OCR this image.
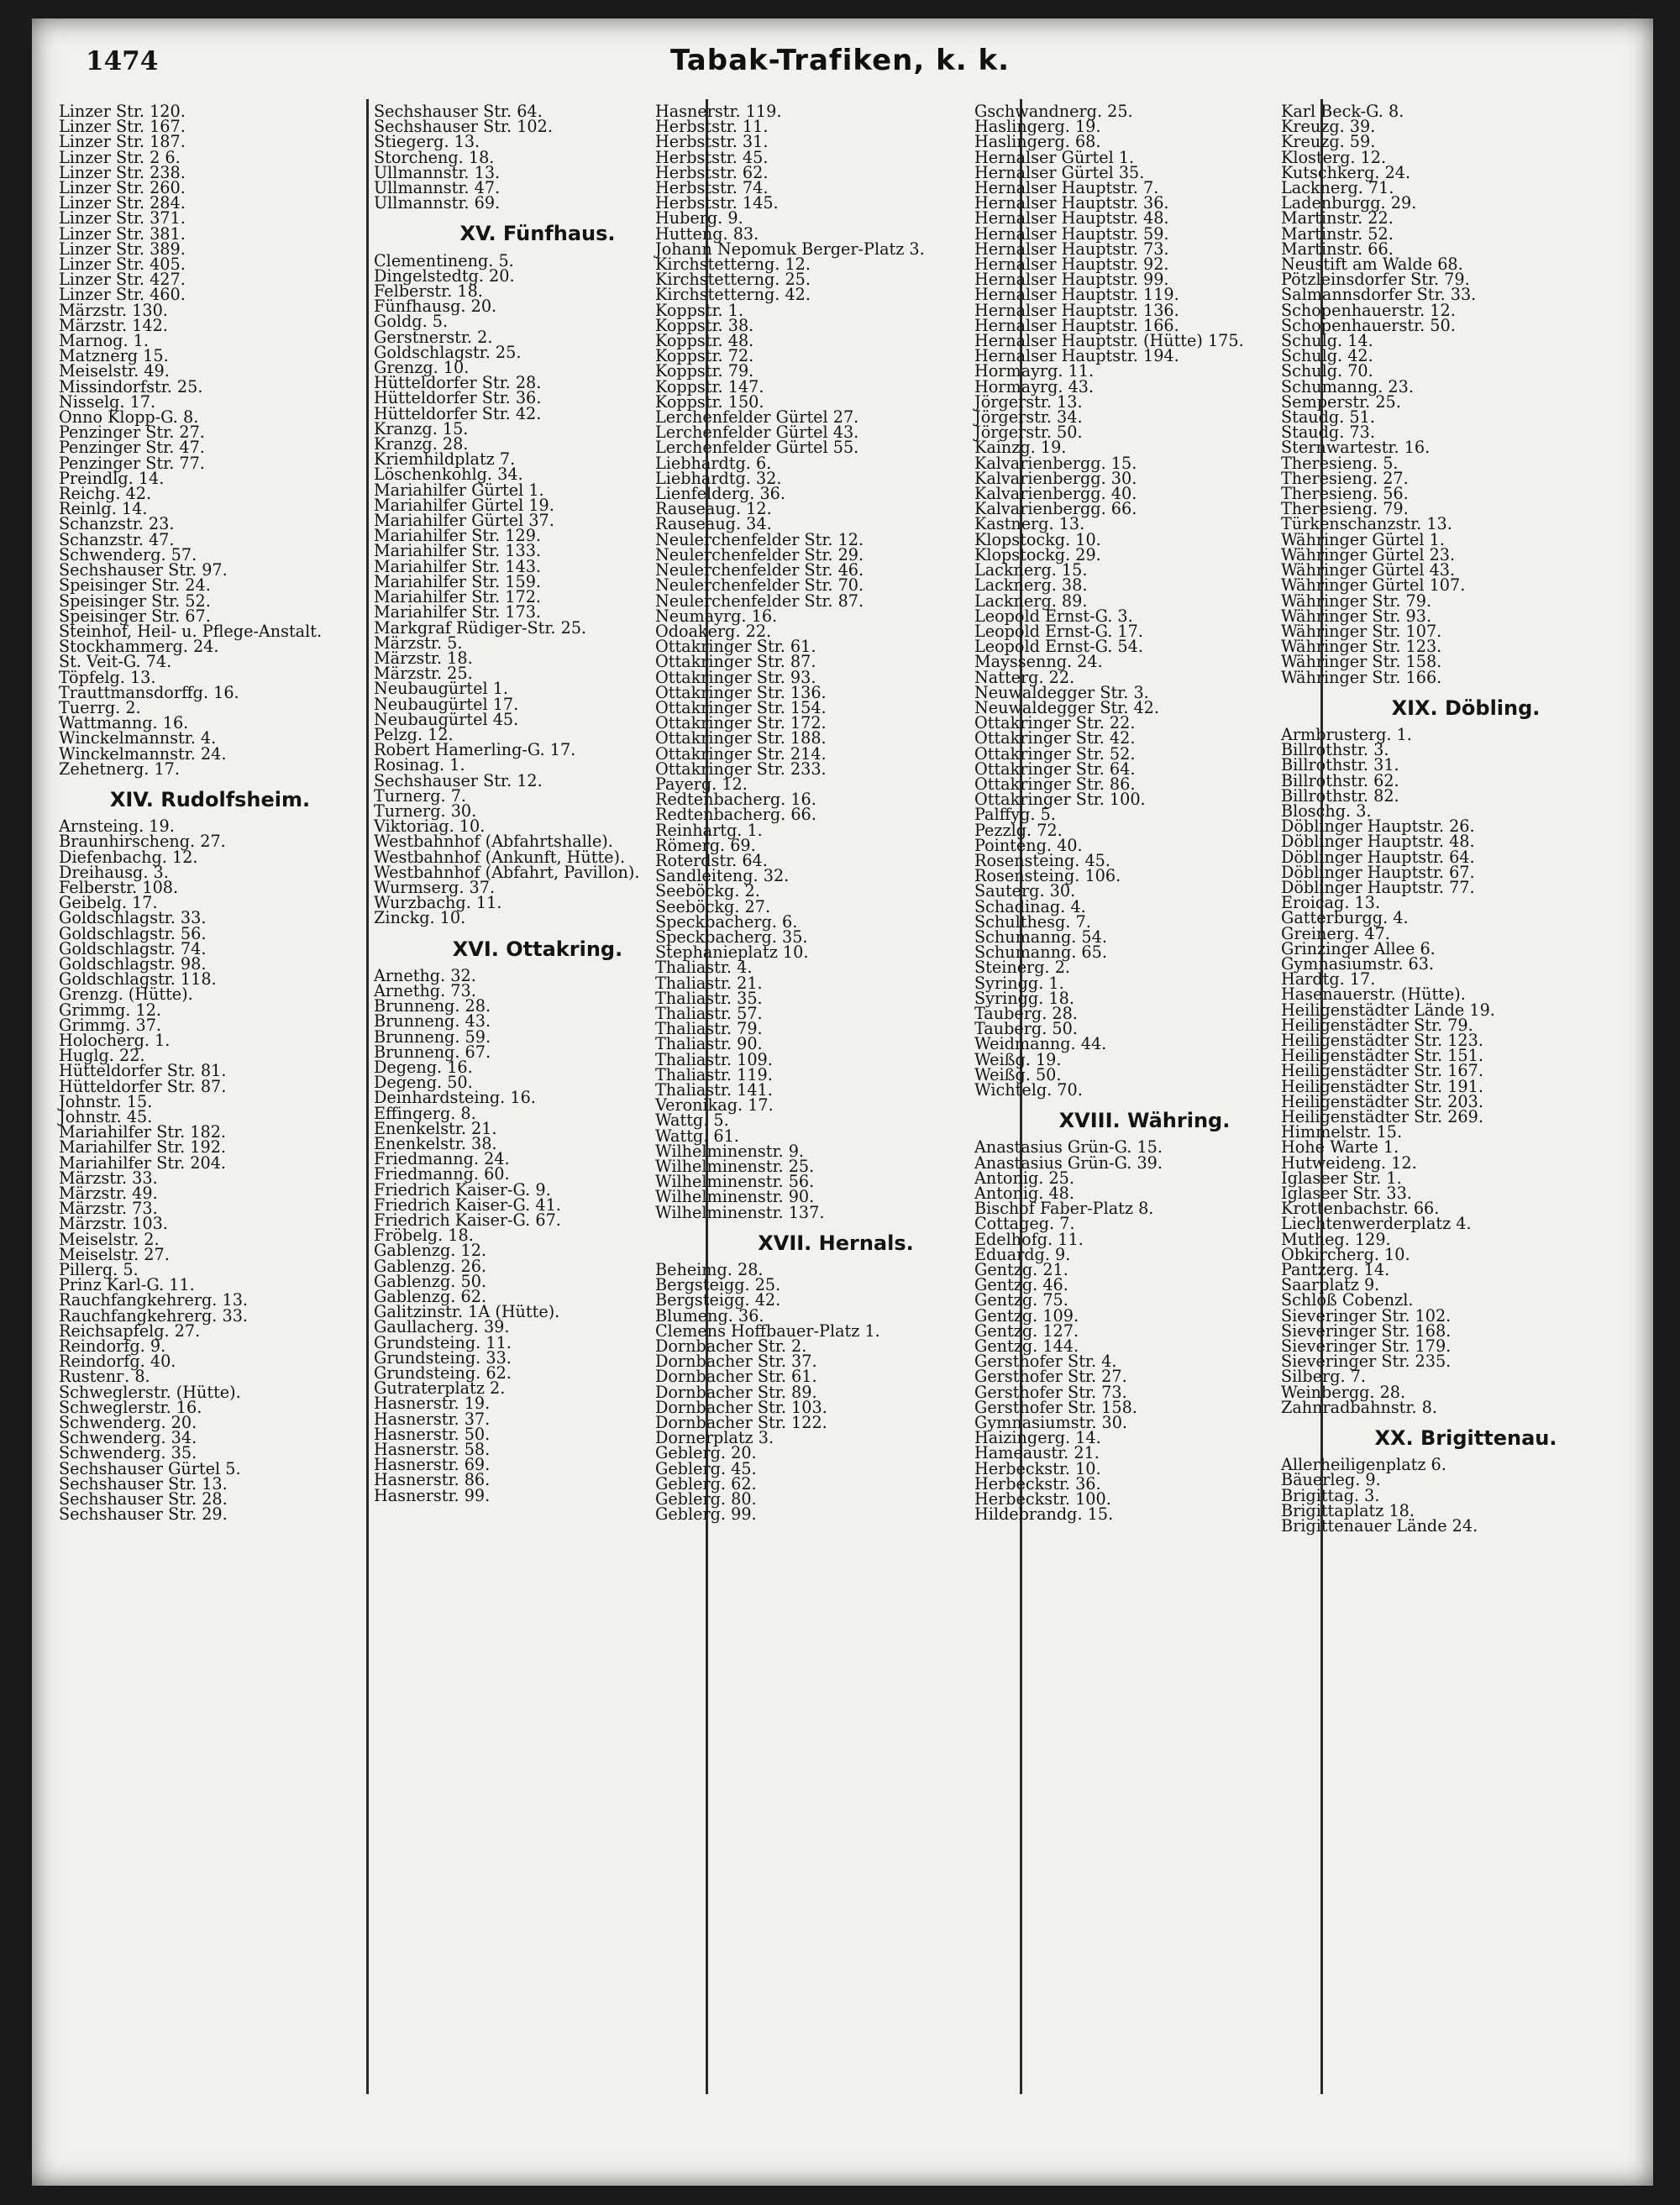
1474	Tabak-Trafiken, k. k.
Linzer Str. 120.
Linzer Str. 167.
Linzer Str. 187.
Linzer Str. 2 6.
Linzer Str. 238.
Linzer Str. 260.
Linzer Str. 284.
Linzer Str. 371.
Linzer Str. 381.
Linzer Str. 389.
Linzer Str. 405.
Linzer Str. 427.
Linzer Str. 460.
Märzstr. 130.
Märzstr. 142.
Marnog. 1.
Matznerg 15.
Meiselstr. 49.
Missindorfstr. 25.
Nisselg. 17.
Onno Klopp-G. 8.
Penzinger Str. 27.
Penzinger Str. 47.
Penzinger Str. 77.
Preindlg. 14.
Reichg. 42.
Reinlg. 14.
Schanzstr. 23.
Schanzstr. 47.
Schwenderg. 57.
Sechshauser Str. 97.
Speisinger Str. 24.
Speisinger Str. 52.
Speisinger Str. 67.
Steinhof, Heil- u. Pflege-Anstalt.
Stockhammerg. 24.
St. Veit-G. 74.
Töpfelg. 13.
Trauttmansdorffg. 16.
Tuerrg. 2.
Wattmanng. 16.
Winckelmannstr. 4.
Winckelmannstr. 24.
Zehetnerg. 17.
XIV. Rudolfsheim.
Arnsteing. 19.
Braunhirscheng. 27.
Diefenbachg. 12.
Dreihausg. 3.
Felberstr. 108.
Geibelg. 17.
Goldschlagstr. 33.
Goldschlagstr. 56.
Goldschlagstr. 74.
Goldschlagstr. 98.
Goldschlagstr. 118.
Grenzg. (Hütte).
Grimmg. 12.
Grimmg. 37.
Holocherg. 1.
Huglg. 22.
Hütteldorfer Str. 81.
Hütteldorfer Str. 87.
Johnstr. 15.
Johnstr. 45.
Mariahilfer Str. 182.
Mariahilfer Str. 192.
Mariahilfer Str. 204.
Märzstr. 33.
Märzstr. 49.
Märzstr. 73.
Märzstr. 103.
Meiselstr. 2.
Meiselstr. 27.
Pillerg. 5.
Prinz Karl-G. 11.
Rauchfangkehrerg. 13.
Rauchfangkehrerg. 33.
Reichsapfelg. 27.
Reindorfg. 9.
Reindorfg. 40.
Rustenг. 8.
Schweglerstr. (Hütte).
Schweglerstr. 16.
Schwenderg. 20.
Schwenderg. 34.
Schwenderg. 35.
Sechshauser Gürtel 5.
Sechshauser Str. 13.
Sechshauser Str. 28.
Sechshauser Str. 29.
Sechshauser Str. 64.
Sechshauser Str. 102.
Stiegerg. 13.
Storcheng. 18.
Ullmannstr. 13.
Ullmannstr. 47.
Ullmannstr. 69.
XV. Fünfhaus.
Clementineng. 5.
Dingelstedtg. 20.
Felberstr. 18.
Fünfhausg. 20.
Goldg. 5.
Gerstnerstr. 2.
Goldschlagstr. 25.
Grenzg. 10.
Hütteldorfer Str. 28.
Hütteldorfer Str. 36.
Hütteldorfer Str. 42.
Kranzg. 15.
Kranzg. 28.
Kriemhildplatz 7.
Löschenkohlg. 34.
Mariahilfer Gürtel 1.
Mariahilfer Gürtel 19.
Mariahilfer Gürtel 37.
Mariahilfer Str. 129.
Mariahilfer Str. 133.
Mariahilfer Str. 143.
Mariahilfer Str. 159.
Mariahilfer Str. 172.
Mariahilfer Str. 173.
Markgraf Rüdiger-Str. 25.
Märzstr. 5.
Märzstr. 18.
Märzstr. 25.
Neubaugürtel 1.
Neubaugürtel 17.
Neubaugürtel 45.
Pelzg. 12.
Robert Hamerling-G. 17.
Rosinag. 1.
Sechshauser Str. 12.
Turnerg. 7.
Turnerg. 30.
Viktoriag. 10.
Westbahnhof (Abfahrtshalle).
Westbahnhof (Ankunft, Hütte).
Westbahnhof (Abfahrt, Pavillon).
Wurmserg. 37.
Wurzbachg. 11.
Zinckg. 10.
XVI. Ottakring.
Arnethg. 32.
Arnethg. 73.
Brunneng. 28.
Brunneng. 43.
Brunneng. 59.
Brunneng. 67.
Degeng. 16.
Degeng. 50.
Deinhardsteing. 16.
Effingerg. 8.
Enenkelstr. 21.
Enenkelstr. 38.
Friedmanng. 24.
Friedmanng. 60.
Friedrich Kaiser-G. 9.
Friedrich Kaiser-G. 41.
Friedrich Kaiser-G. 67.
Fröbelg. 18.
Gablenzg. 12.
Gablenzg. 26.
Gablenzg. 50.
Gablenzg. 62.
Galitzinstr. 1A (Hütte).
Gaullacherg. 39.
Grundsteing. 11.
Grundsteing. 33.
Grundsteing. 62.
Gutraterplatz 2.
Hasnerstr. 19.
Hasnerstr. 37.
Hasnerstr. 50.
Hasnerstr. 58.
Hasnerstr. 69.
Hasnerstr. 86.
Hasnerstr. 99.
Hasnerstr. 119.
Herbststr. 11.
Herbststr. 31.
Herbststr. 45.
Herbststr. 62.
Herbststr. 74.
Herbststr. 145.
Huberg. 9.
Hutteng. 83.
Johann Nepomuk Berger-Platz 3.
Kirchstetterng. 12.
Kirchstetterng. 25.
Kirchstetterng. 42.
Koppstr. 1.
Koppstr. 38.
Koppstr. 48.
Koppstr. 72.
Koppstr. 79.
Koppstr. 147.
Koppstr. 150.
Lerchenfelder Gürtel 27.
Lerchenfelder Gürtel 43.
Lerchenfelder Gürtel 55.
Liebhardtg. 6.
Liebhardtg. 32.
Lienfelderg. 36.
Rauseaug. 12.
Rauseaug. 34.
Neulerchenfelder Str. 12.
Neulerchenfelder Str. 29.
Neulerchenfelder Str. 46.
Neulerchenfelder Str. 70.
Neulerchenfelder Str. 87.
Neumayrg. 16.
Odoakerg. 22.
Ottakringer Str. 61.
Ottakringer Str. 87.
Ottakringer Str. 93.
Ottakringer Str. 136.
Ottakringer Str. 154.
Ottakringer Str. 172.
Ottakringer Str. 188.
Ottakringer Str. 214.
Ottakringer Str. 233.
Payerg. 12.
Redtenbacherg. 16.
Redtenbacherg. 66.
Reinhartg. 1.
Römerg. 69.
Roterdstr. 64.
Sandleiteng. 32.
Seeböckg. 2.
Seeböckg. 27.
Speckbacherg. 6.
Speckbacherg. 35.
Stephanieplatz 10.
Thaliastr. 4.
Thaliastr. 21.
Thaliastr. 35.
Thaliastr. 57.
Thaliastr. 79.
Thaliastr. 90.
Thaliastr. 109.
Thaliastr. 119.
Thaliastr. 141.
Veronikag. 17.
Wattg. 5.
Wattg. 61.
Wilhelminenstr. 9.
Wilhelminenstr. 25.
Wilhelminenstr. 56.
Wilhelminenstr. 90.
Wilhelminenstr. 137.
XVII. Hernals.
Beheimg. 28.
Bergsteigg. 25.
Bergsteigg. 42.
Blumeng. 36.
Clemens Hoffbauer-Platz 1.
Dornbacher Str. 2.
Dornbacher Str. 37.
Dornbacher Str. 61.
Dornbacher Str. 89.
Dornbacher Str. 103.
Dornbacher Str. 122.
Dornerplatz 3.
Geblerg. 20.
Geblerg. 45.
Geblerg. 62.
Geblerg. 80.
Geblerg. 99.
Gschwandnerg. 25.
Haslingerg. 19.
Haslingerg. 68.
Hernalser Gürtel 1.
Hernalser Gürtel 35.
Hernalser Hauptstr. 7.
Hernalser Hauptstr. 36.
Hernalser Hauptstr. 48.
Hernalser Hauptstr. 59.
Hernalser Hauptstr. 73.
Hernalser Hauptstr. 92.
Hernalser Hauptstr. 99.
Hernalser Hauptstr. 119.
Hernalser Hauptstr. 136.
Hernalser Hauptstr. 166.
Hernalser Hauptstr. (Hütte) 175.
Hernalser Hauptstr. 194.
Hormayrg. 11.
Hormayrg. 43.
Jörgerstr. 13.
Jörgerstr. 34.
Jörgerstr. 50.
Kainzg. 19.
Kalvarienbergg. 15.
Kalvarienbergg. 30.
Kalvarienbergg. 40.
Kalvarienbergg. 66.
Kastnerg. 13.
Klopstockg. 10.
Klopstockg. 29.
Lacknerg. 15.
Lacknerg. 38.
Lacknerg. 89.
Leopold Ernst-G. 3.
Leopold Ernst-G. 17.
Leopold Ernst-G. 54.
Mayssenng. 24.
Natterg. 22.
Neuwaldegger Str. 3.
Neuwaldegger Str. 42.
Ottakringer Str. 22.
Ottakringer Str. 42.
Ottakringer Str. 52.
Ottakringer Str. 64.
Ottakringer Str. 86.
Ottakringer Str. 100.
Palffyg. 5.
Pezzlg. 72.
Pointeng. 40.
Rosensteing. 45.
Rosensteing. 106.
Sauterg. 30.
Schadinag. 4.
Schulthesg. 7.
Schumanng. 54.
Schumanng. 65.
Steinerg. 2.
Syringg. 1.
Syringg. 18.
Tauberg. 28.
Tauberg. 50.
Weidmanng. 44.
Weißg. 19.
Weißg. 50.
Wichtelg. 70.
XVIII. Währing.
Anastasius Grün-G. 15.
Anastasius Grün-G. 39.
Antonig. 25.
Antonig. 48.
Bischof Faber-Platz 8.
Cottageg. 7.
Edelhofg. 11.
Eduardg. 9.
Gentzg. 21.
Gentzg. 46.
Gentzg. 75.
Gentzg. 109.
Gentzg. 127.
Gentzg. 144.
Gersthofer Str. 4.
Gersthofer Str. 27.
Gersthofer Str. 73.
Gersthofer Str. 158.
Gymnasiumstr. 30.
Haizingerg. 14.
Hameaustr. 21.
Herbeckstr. 10.
Herbeckstr. 36.
Herbeckstr. 100.
Hildebrandg. 15.
Karl Beck-G. 8.
Kreuzg. 39.
Kreuzg. 59.
Klosterg. 12.
Kutschkerg. 24.
Lacknerg. 71.
Ladenburgg. 29.
Martinstr. 22.
Martinstr. 52.
Martinstr. 66.
Neustift am Walde 68.
Pötzleinsdorfer Str. 79.
Salmannsdorfer Str. 33.
Schopenhauerstr. 12.
Schopenhauerstr. 50.
Schulg. 14.
Schulg. 42.
Schulg. 70.
Schumanng. 23.
Semperstr. 25.
Staudg. 51.
Staudg. 73.
Sternwartestr. 16.
Theresieng. 5.
Theresieng. 27.
Theresieng. 56.
Theresieng. 79.
Türkenschanzstr. 13.
Währinger Gürtel 1.
Währinger Gürtel 23.
Währinger Gürtel 43.
Währinger Gürtel 107.
Währinger Str. 79.
Währinger Str. 93.
Währinger Str. 107.
Währinger Str. 123.
Währinger Str. 158.
Währinger Str. 166.
XIX. Döbling.
Armbrusterg. 1.
Billrothstr. 3.
Billrothstr. 31.
Billrothstr. 62.
Billrothstr. 82.
Bloschg. 3.
Döblinger Hauptstr. 26.
Döblinger Hauptstr. 48.
Döblinger Hauptstr. 64.
Döblinger Hauptstr. 67.
Döblinger Hauptstr. 77.
Eroicag. 13.
Gatterburgg. 4.
Greinerg. 47.
Grinzinger Allee 6.
Gymnasiumstr. 63.
Hardtg. 17.
Hasenauerstr. (Hütte).
Heiligenstädter Lände 19.
Heiligenstädter Str. 79.
Heiligenstädter Str. 123.
Heiligenstädter Str. 151.
Heiligenstädter Str. 167.
Heiligenstädter Str. 191.
Heiligenstädter Str. 203.
Heiligenstädter Str. 269.
Himmelstr. 15.
Hohe Warte 1.
Hutweideng. 12.
Iglaseer Str. 1.
Iglaseer Str. 33.
Krottenbachstr. 66.
Liechtenwerderplatz 4.
Mutheg. 129.
Obkircherg. 10.
Pantzerg. 14.
Saarplatz 9.
Schloß Cobenzl.
Sieveringer Str. 102.
Sieveringer Str. 168.
Sieveringer Str. 179.
Sieveringer Str. 235.
Silberg. 7.
Weinbergg. 28.
Zahnradbahnstr. 8.
XX. Brigittenau.
Allerheiligenplatz 6.
Bäuerleg. 9.
Brigittag. 3.
Brigittaplatz 18.
Brigittenauer Lände 24.
